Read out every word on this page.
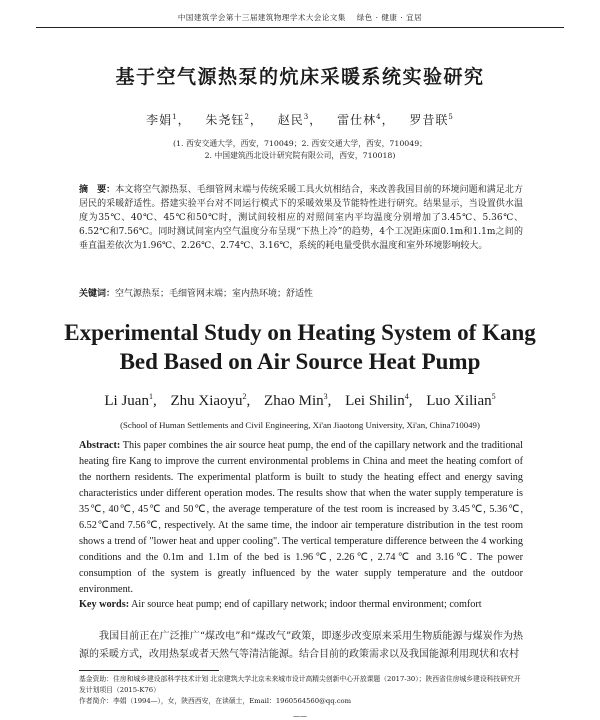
中国建筑学会第十三届建筑物理学术大会论文集 绿色 · 健康 · 宜居
基于空气源热泵的炕床采暖系统实验研究
李娟$^1$， 朱尧钰$^2$， 赵民$^3$， 雷仕林$^4$， 罗昔联$^5$
(1. 西安交通大学，西安，710049；2. 西安交通大学，西安，710049；
2. 中国建筑西北设计研究院有限公司，西安，710018)
摘　要：本文将空气源热泵、毛细管网末端与传统采暖工具火炕相结合，来改善我国目前的环境问题和满足北方居民的采暖舒适性。搭建实验平台对不同运行模式下的采暖效果及节能特性进行研究。结果显示，当设置供水温度为35℃、40℃、45℃和50℃时，测试间较相应的对照间室内平均温度分别增加了3.45℃、5.36℃、6.52℃和7.56℃。同时测试间室内空气温度分布呈现“下热上冷”的趋势，4个工况距床面0.1m和1.1m之间的垂直温差依次为1.96℃、2.26℃、2.74℃、3.16℃，系统的耗电量受供水温度和室外环境影响较大。
关键词：空气源热泵；毛细管网末端；室内热环境；舒适性
Experimental Study on Heating System of Kang
Bed Based on Air Source Heat Pump
Li Juan$^1$, Zhu Xiaoyu$^2$, Zhao Min$^3$, Lei Shilin$^4$, Luo Xilian$^5$
(School of Human Settlements and Civil Engineering, Xi'an Jiaotong University, Xi'an, China710049)
Abstract: This paper combines the air source heat pump, the end of the capillary network and the traditional heating fire Kang to improve the current environmental problems in China and meet the heating comfort of the northern residents. The experimental platform is built to study the heating effect and energy saving characteristics under different operation modes. The results show that when the water supply temperature is 35℃, 40℃, 45℃ and 50℃, the average temperature of the test room is increased by 3.45℃, 5.36℃, 6.52℃and 7.56℃, respectively. At the same time, the indoor air temperature distribution in the test room shows a trend of "lower heat and upper cooling". The vertical temperature difference between the 4 working conditions and the 0.1m and 1.1m of the bed is 1.96℃, 2.26℃, 2.74℃ and 3.16℃. The power consumption of the system is greatly influenced by the water supply temperature and the outdoor environment.
Key words: Air source heat pump; end of capillary network; indoor thermal environment; comfort
我国目前正在广泛推广“煤改电”和“煤改气”政策，即逐步改变原来采用生物质能源与煤炭作为热源的采暖方式，改用热泵或者天然气等清洁能源。结合目前的政策需求以及我国能源利用现状和农村
基金资助：住房和城乡建设部科学技术计划 北京建筑大学北京未来城市设计高精尖创新中心开放课题（2017-30）；陕西省住房城乡建设科技研究开发计划项目（2015-K76）
作者简介：李娟（1994—），女，陕西西安，在读硕士，Email：1960564560@qq.com
——
